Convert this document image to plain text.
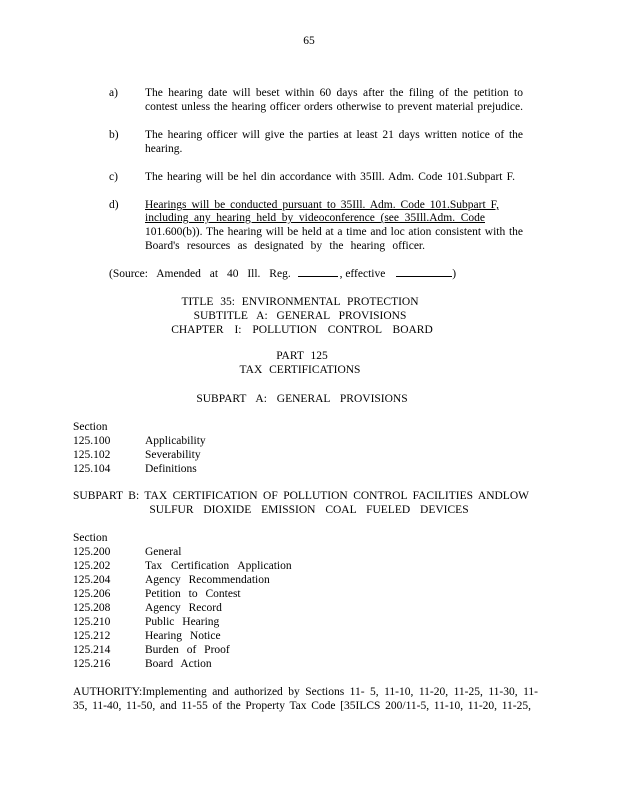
65
a) The hearing date will beset within 60 days after the filing of the petition to
contest unless the hearing officer orders otherwise to prevent material prejudice.
b) The hearing officer will give the parties at least 21 days written notice of the
hearing.
c) The hearing will be hel din accordance with 35Ill. Adm. Code 101.Subpart F.
d) Hearings will be conducted pursuant to 35Ill. Adm. Code 101.Subpart F,
including any hearing held by videoconference (see 35Ill.Adm. Code
101.600(b)). The hearing will be held at a time and loc ation consistent with the
Board's resources as designated by the hearing officer.
(Source: Amended at 40 Ill. Reg.	, effective	)
TITLE 35: ENVIRONMENTAL PROTECTION
SUBTITLE A: GENERAL PROVISIONS
CHAPTER I: POLLUTION CONTROL BOARD
PART 125
TAX CERTIFICATIONS
SUBPART A: GENERAL PROVISIONS
Section
125.100	Applicability
125.102	Severability
125.104	Definitions
SUBPART B: TAX CERTIFICATION OF POLLUTION CONTROL FACILITIES ANDLOW
SULFUR DIOXIDE EMISSION COAL FUELED DEVICES
Section
125.200	General
125.202	Tax Certification Application
125.204	Agency Recommendation
125.206	Petition to Contest
125.208	Agency Record
125.210	Public Hearing
125.212	Hearing Notice
125.214	Burden of Proof
125.216	Board Action
AUTHORITY:Implementing and authorized by Sections 11- 5, 11-10, 11-20, 11-25, 11-30, 11-
35, 11-40, 11-50, and 11-55 of the Property Tax Code [35ILCS 200/11-5, 11-10, 11-20, 11-25,
